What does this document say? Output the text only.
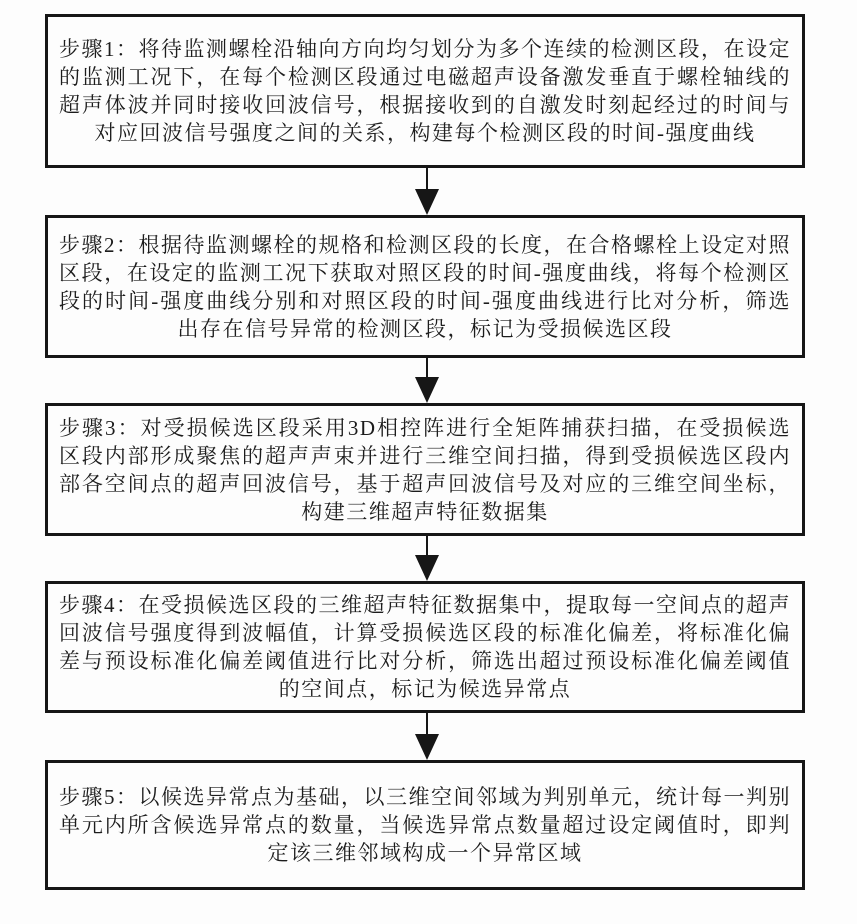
步骤1：将待监测螺栓沿轴向方向均匀划分为多个连续的检测区段，在设定的监测工况下，在每个检测区段通过电磁超声设备激发垂直于螺栓轴线的超声体波并同时接收回波信号，根据接收到的自激发时刻起经过的时间与对应回波信号强度之间的关系，构建每个检测区段的时间-强度曲线

步骤2：根据待监测螺栓的规格和检测区段的长度，在合格螺栓上设定对照区段，在设定的监测工况下获取对照区段的时间-强度曲线，将每个检测区段的时间-强度曲线分别和对照区段的时间-强度曲线进行比对分析，筛选出存在信号异常的检测区段，标记为受损候选区段

步骤3：对受损候选区段采用3D相控阵进行全矩阵捕获扫描，在受损候选区段内部形成聚焦的超声声束并进行三维空间扫描，得到受损候选区段内部各空间点的超声回波信号，基于超声回波信号及对应的三维空间坐标，构建三维超声特征数据集

步骤4：在受损候选区段的三维超声特征数据集中，提取每一空间点的超声回波信号强度得到波幅值，计算受损候选区段的标准化偏差，将标准化偏差与预设标准化偏差阈值进行比对分析，筛选出超过预设标准化偏差阈值的空间点，标记为候选异常点

步骤5：以候选异常点为基础，以三维空间邻域为判别单元，统计每一判别单元内所含候选异常点的数量，当候选异常点数量超过设定阈值时，即判定该三维邻域构成一个异常区域
